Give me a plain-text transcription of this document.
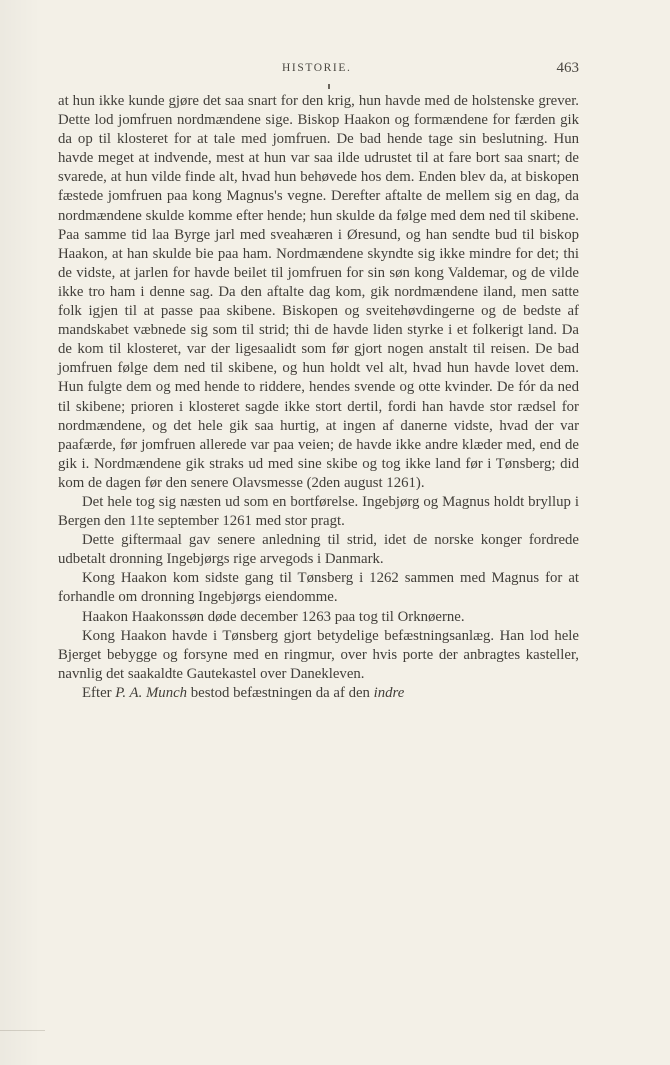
HISTORIE.	463

at hun ikke kunde gjøre det saa snart for den krig, hun havde med de holstenske grever. Dette lod jomfruen nordmændene sige. Biskop Haakon og formændene for færden gik da op til klosteret for at tale med jomfruen. De bad hende tage sin beslutning. Hun havde meget at indvende, mest at hun var saa ilde udrustet til at fare bort saa snart; de svarede, at hun vilde finde alt, hvad hun behøvede hos dem. Enden blev da, at biskopen fæstede jomfruen paa kong Magnus's vegne. Derefter aftalte de mellem sig en dag, da nordmændene skulde komme efter hende; hun skulde da følge med dem ned til skibene. Paa samme tid laa Byrge jarl med sveahæren i Øresund, og han sendte bud til biskop Haakon, at han skulde bie paa ham. Nordmændene skyndte sig ikke mindre for det; thi de vidste, at jarlen for havde beilet til jomfruen for sin søn kong Valdemar, og de vilde ikke tro ham i denne sag. Da den aftalte dag kom, gik nordmændene iland, men satte folk igjen til at passe paa skibene. Biskopen og sveitehøvdingerne og de bedste af mandskabet væbnede sig som til strid; thi de havde liden styrke i et folkerigt land. Da de kom til klosteret, var der ligesaalidt som før gjort nogen anstalt til reisen. De bad jomfruen følge dem ned til skibene, og hun holdt vel alt, hvad hun havde lovet dem. Hun fulgte dem og med hende to riddere, hendes svende og otte kvinder. De fór da ned til skibene; prioren i klosteret sagde ikke stort dertil, fordi han havde stor rædsel for nordmændene, og det hele gik saa hurtig, at ingen af danerne vidste, hvad der var paafærde, før jomfruen allerede var paa veien; de havde ikke andre klæder med, end de gik i. Nordmændene gik straks ud med sine skibe og tog ikke land før i Tønsberg; did kom de dagen før den senere Olavsmesse (2den august 1261).

Det hele tog sig næsten ud som en bortførelse. Ingebjørg og Magnus holdt bryllup i Bergen den 11te september 1261 med stor pragt.

Dette giftermaal gav senere anledning til strid, idet de norske konger fordrede udbetalt dronning Ingebjørgs rige arvegods i Danmark.

Kong Haakon kom sidste gang til Tønsberg i 1262 sammen med Magnus for at forhandle om dronning Ingebjørgs eiendomme.

Haakon Haakonssøn døde december 1263 paa tog til Orknøerne.

Kong Haakon havde i Tønsberg gjort betydelige befæstningsanlæg. Han lod hele Bjerget bebygge og forsyne med en ringmur, over hvis porte der anbragtes kasteller, navnlig det saakaldte Gautekastel over Danekleven.

Efter P. A. Munch bestod befæstningen da af den indre
